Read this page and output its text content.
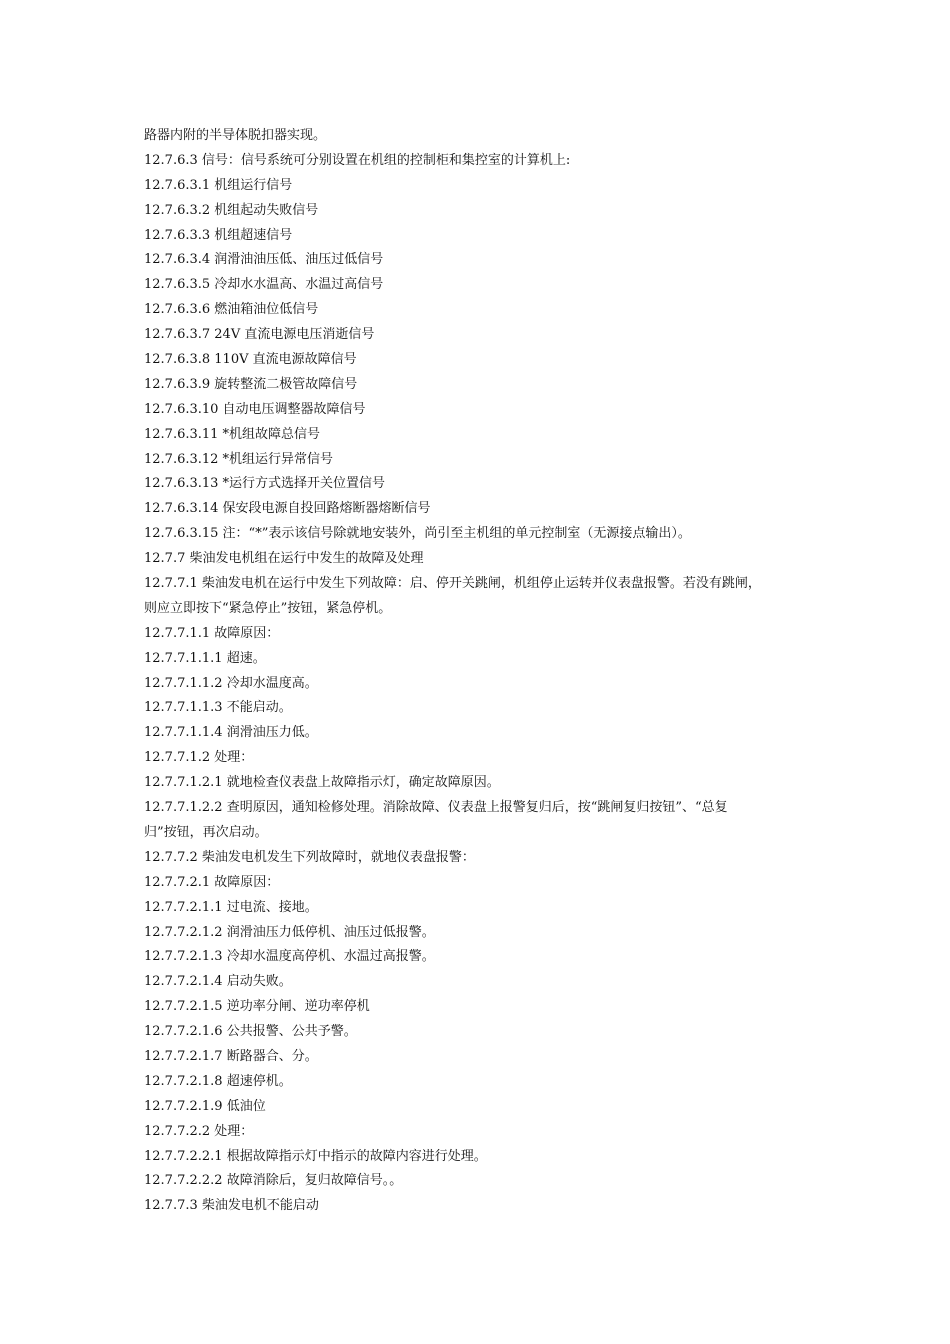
路器内附的半导体脱扣器实现。
12.7.6.3 信号：信号系统可分别设置在机组的控制柜和集控室的计算机上:
12.7.6.3.1 机组运行信号
12.7.6.3.2 机组起动失败信号
12.7.6.3.3 机组超速信号
12.7.6.3.4 润滑油油压低、油压过低信号
12.7.6.3.5 冷却水水温高、水温过高信号
12.7.6.3.6 燃油箱油位低信号
12.7.6.3.7 24V 直流电源电压消逝信号
12.7.6.3.8 110V 直流电源故障信号
12.7.6.3.9 旋转整流二极管故障信号
12.7.6.3.10 自动电压调整器故障信号
12.7.6.3.11 *机组故障总信号
12.7.6.3.12 *机组运行异常信号
12.7.6.3.13 *运行方式选择开关位置信号
12.7.6.3.14 保安段电源自投回路熔断器熔断信号
12.7.6.3.15 注：“*”表示该信号除就地安装外，尚引至主机组的单元控制室（无源接点输出）。
12.7.7 柴油发电机组在运行中发生的故障及处理
12.7.7.1 柴油发电机在运行中发生下列故障：启、停开关跳闸，机组停止运转并仪表盘报警。若没有跳闸，
则应立即按下“紧急停止”按钮，紧急停机。
12.7.7.1.1 故障原因：
12.7.7.1.1.1 超速。
12.7.7.1.1.2 冷却水温度高。
12.7.7.1.1.3 不能启动。
12.7.7.1.1.4 润滑油压力低。
12.7.7.1.2 处理：
12.7.7.1.2.1 就地检查仪表盘上故障指示灯，确定故障原因。
12.7.7.1.2.2 查明原因，通知检修处理。消除故障、仪表盘上报警复归后，按“跳闸复归按钮”、“总复
归”按钮，再次启动。
12.7.7.2 柴油发电机发生下列故障时，就地仪表盘报警：
12.7.7.2.1 故障原因：
12.7.7.2.1.1 过电流、接地。
12.7.7.2.1.2 润滑油压力低停机、油压过低报警。
12.7.7.2.1.3 冷却水温度高停机、水温过高报警。
12.7.7.2.1.4 启动失败。
12.7.7.2.1.5 逆功率分闸、逆功率停机
12.7.7.2.1.6 公共报警、公共予警。
12.7.7.2.1.7 断路器合、分。
12.7.7.2.1.8 超速停机。
12.7.7.2.1.9 低油位
12.7.7.2.2 处理：
12.7.7.2.2.1 根据故障指示灯中指示的故障内容进行处理。
12.7.7.2.2.2 故障消除后，复归故障信号。。
12.7.7.3 柴油发电机不能启动
